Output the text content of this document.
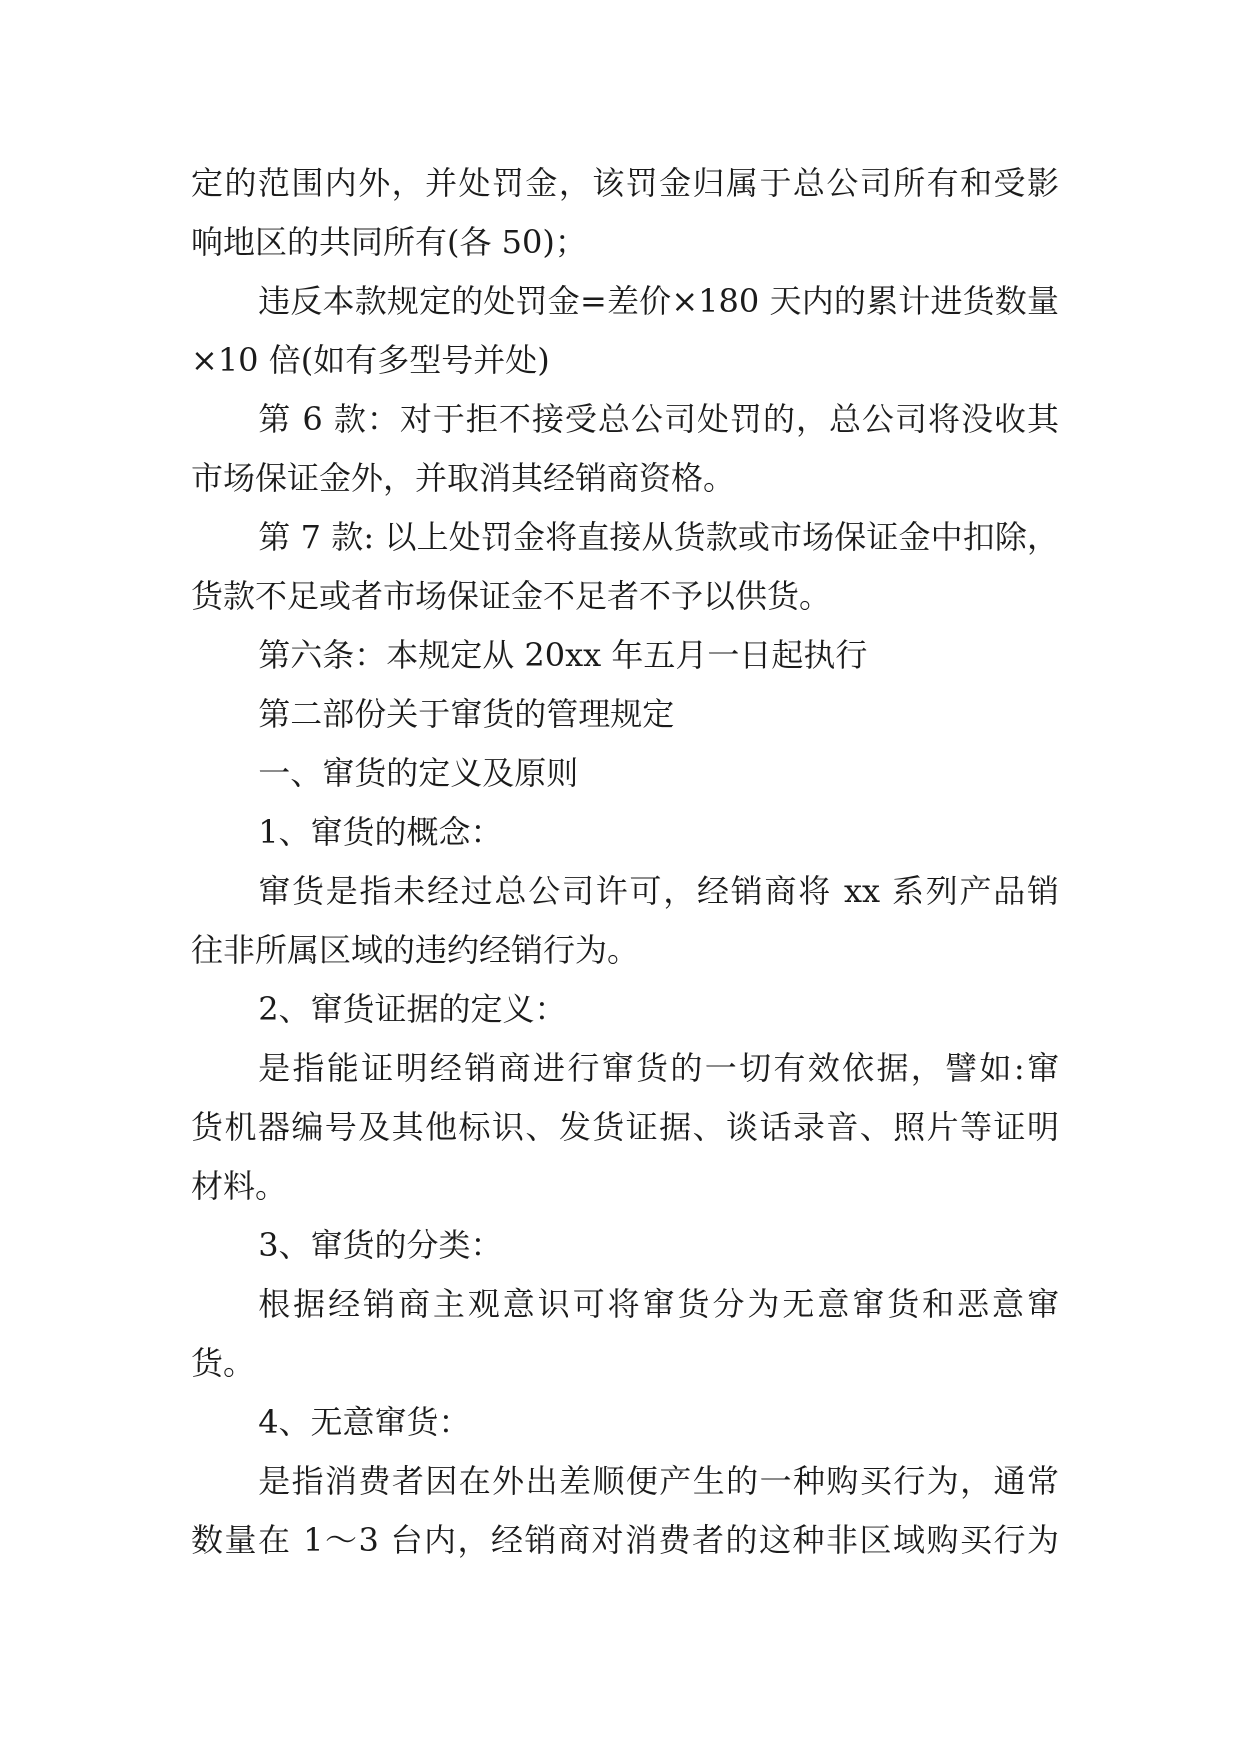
定的范围内外，并处罚金，该罚金归属于总公司所有和受影
响地区的共同所有(各 50)；
违反本款规定的处罚金=差价×180 天内的累计进货数量
×10 倍(如有多型号并处)
第 6 款：对于拒不接受总公司处罚的，总公司将没收其
市场保证金外，并取消其经销商资格。
第 7 款: 以上处罚金将直接从货款或市场保证金中扣除，
货款不足或者市场保证金不足者不予以供货。
第六条：本规定从 20xx 年五月一日起执行
第二部份关于窜货的管理规定
一、窜货的定义及原则
1、窜货的概念：
窜货是指未经过总公司许可，经销商将 xx 系列产品销
往非所属区域的违约经销行为。
2、窜货证据的定义：
是指能证明经销商进行窜货的一切有效依据，譬如:窜
货机器编号及其他标识、发货证据、谈话录音、照片等证明
材料。
3、窜货的分类：
根据经销商主观意识可将窜货分为无意窜货和恶意窜
货。
4、无意窜货：
是指消费者因在外出差顺便产生的一种购买行为，通常
数量在 1～3 台内，经销商对消费者的这种非区域购买行为
